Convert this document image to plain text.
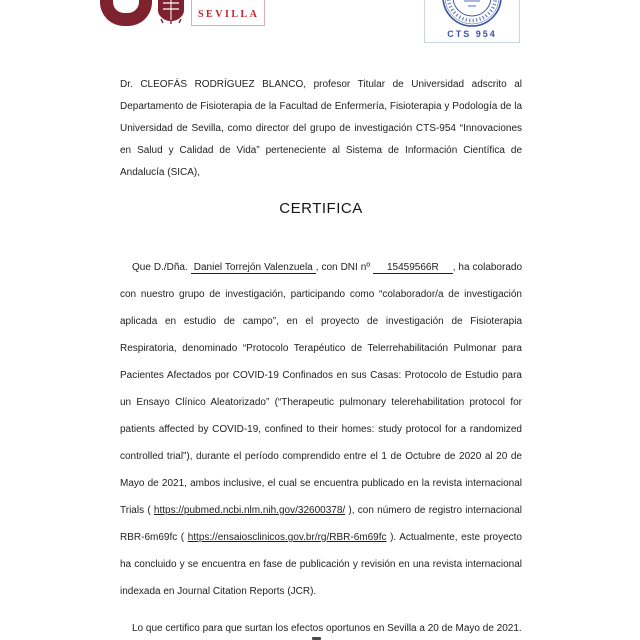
SEVILLA
CTS 954

Dr. CLEOFÁS RODRÍGUEZ BLANCO, profesor Titular de Universidad adscrito al Departamento de Fisioterapia de la Facultad de Enfermería, Fisioterapia y Podología de la Universidad de Sevilla, como director del grupo de investigación CTS-954 “Innovaciones en Salud y Calidad de Vida” perteneciente al Sistema de Información Científica de Andalucía (SICA),

CERTIFICA

Que D./Dña. Daniel Torrejón Valenzuela , con DNI nº 15459566R , ha colaborado con nuestro grupo de investigación, participando como “colaborador/a de investigación aplicada en estudio de campo”, en el proyecto de investigación de Fisioterapia Respiratoria, denominado “Protocolo Terapéutico de Telerrehabilitación Pulmonar para Pacientes Afectados por COVID-19 Confinados en sus Casas: Protocolo de Estudio para un Ensayo Clínico Aleatorizado” (“Therapeutic pulmonary telerehabilitation protocol for patients affected by COVID-19, confined to their homes: study protocol for a randomized controlled trial”), durante el período comprendido entre el 1 de Octubre de 2020 al 20 de Mayo de 2021, ambos inclusive, el cual se encuentra publicado en la revista internacional Trials ( https://pubmed.ncbi.nlm.nih.gov/32600378/ ), con número de registro internacional RBR-6m69fc ( https://ensaiosclinicos.gov.br/rg/RBR-6m69fc ). Actualmente, este proyecto ha concluido y se encuentra en fase de publicación y revisión en una revista internacional indexada en Journal Citation Reports (JCR).

Lo que certifico para que surtan los efectos oportunos en Sevilla a 20 de Mayo de 2021.
